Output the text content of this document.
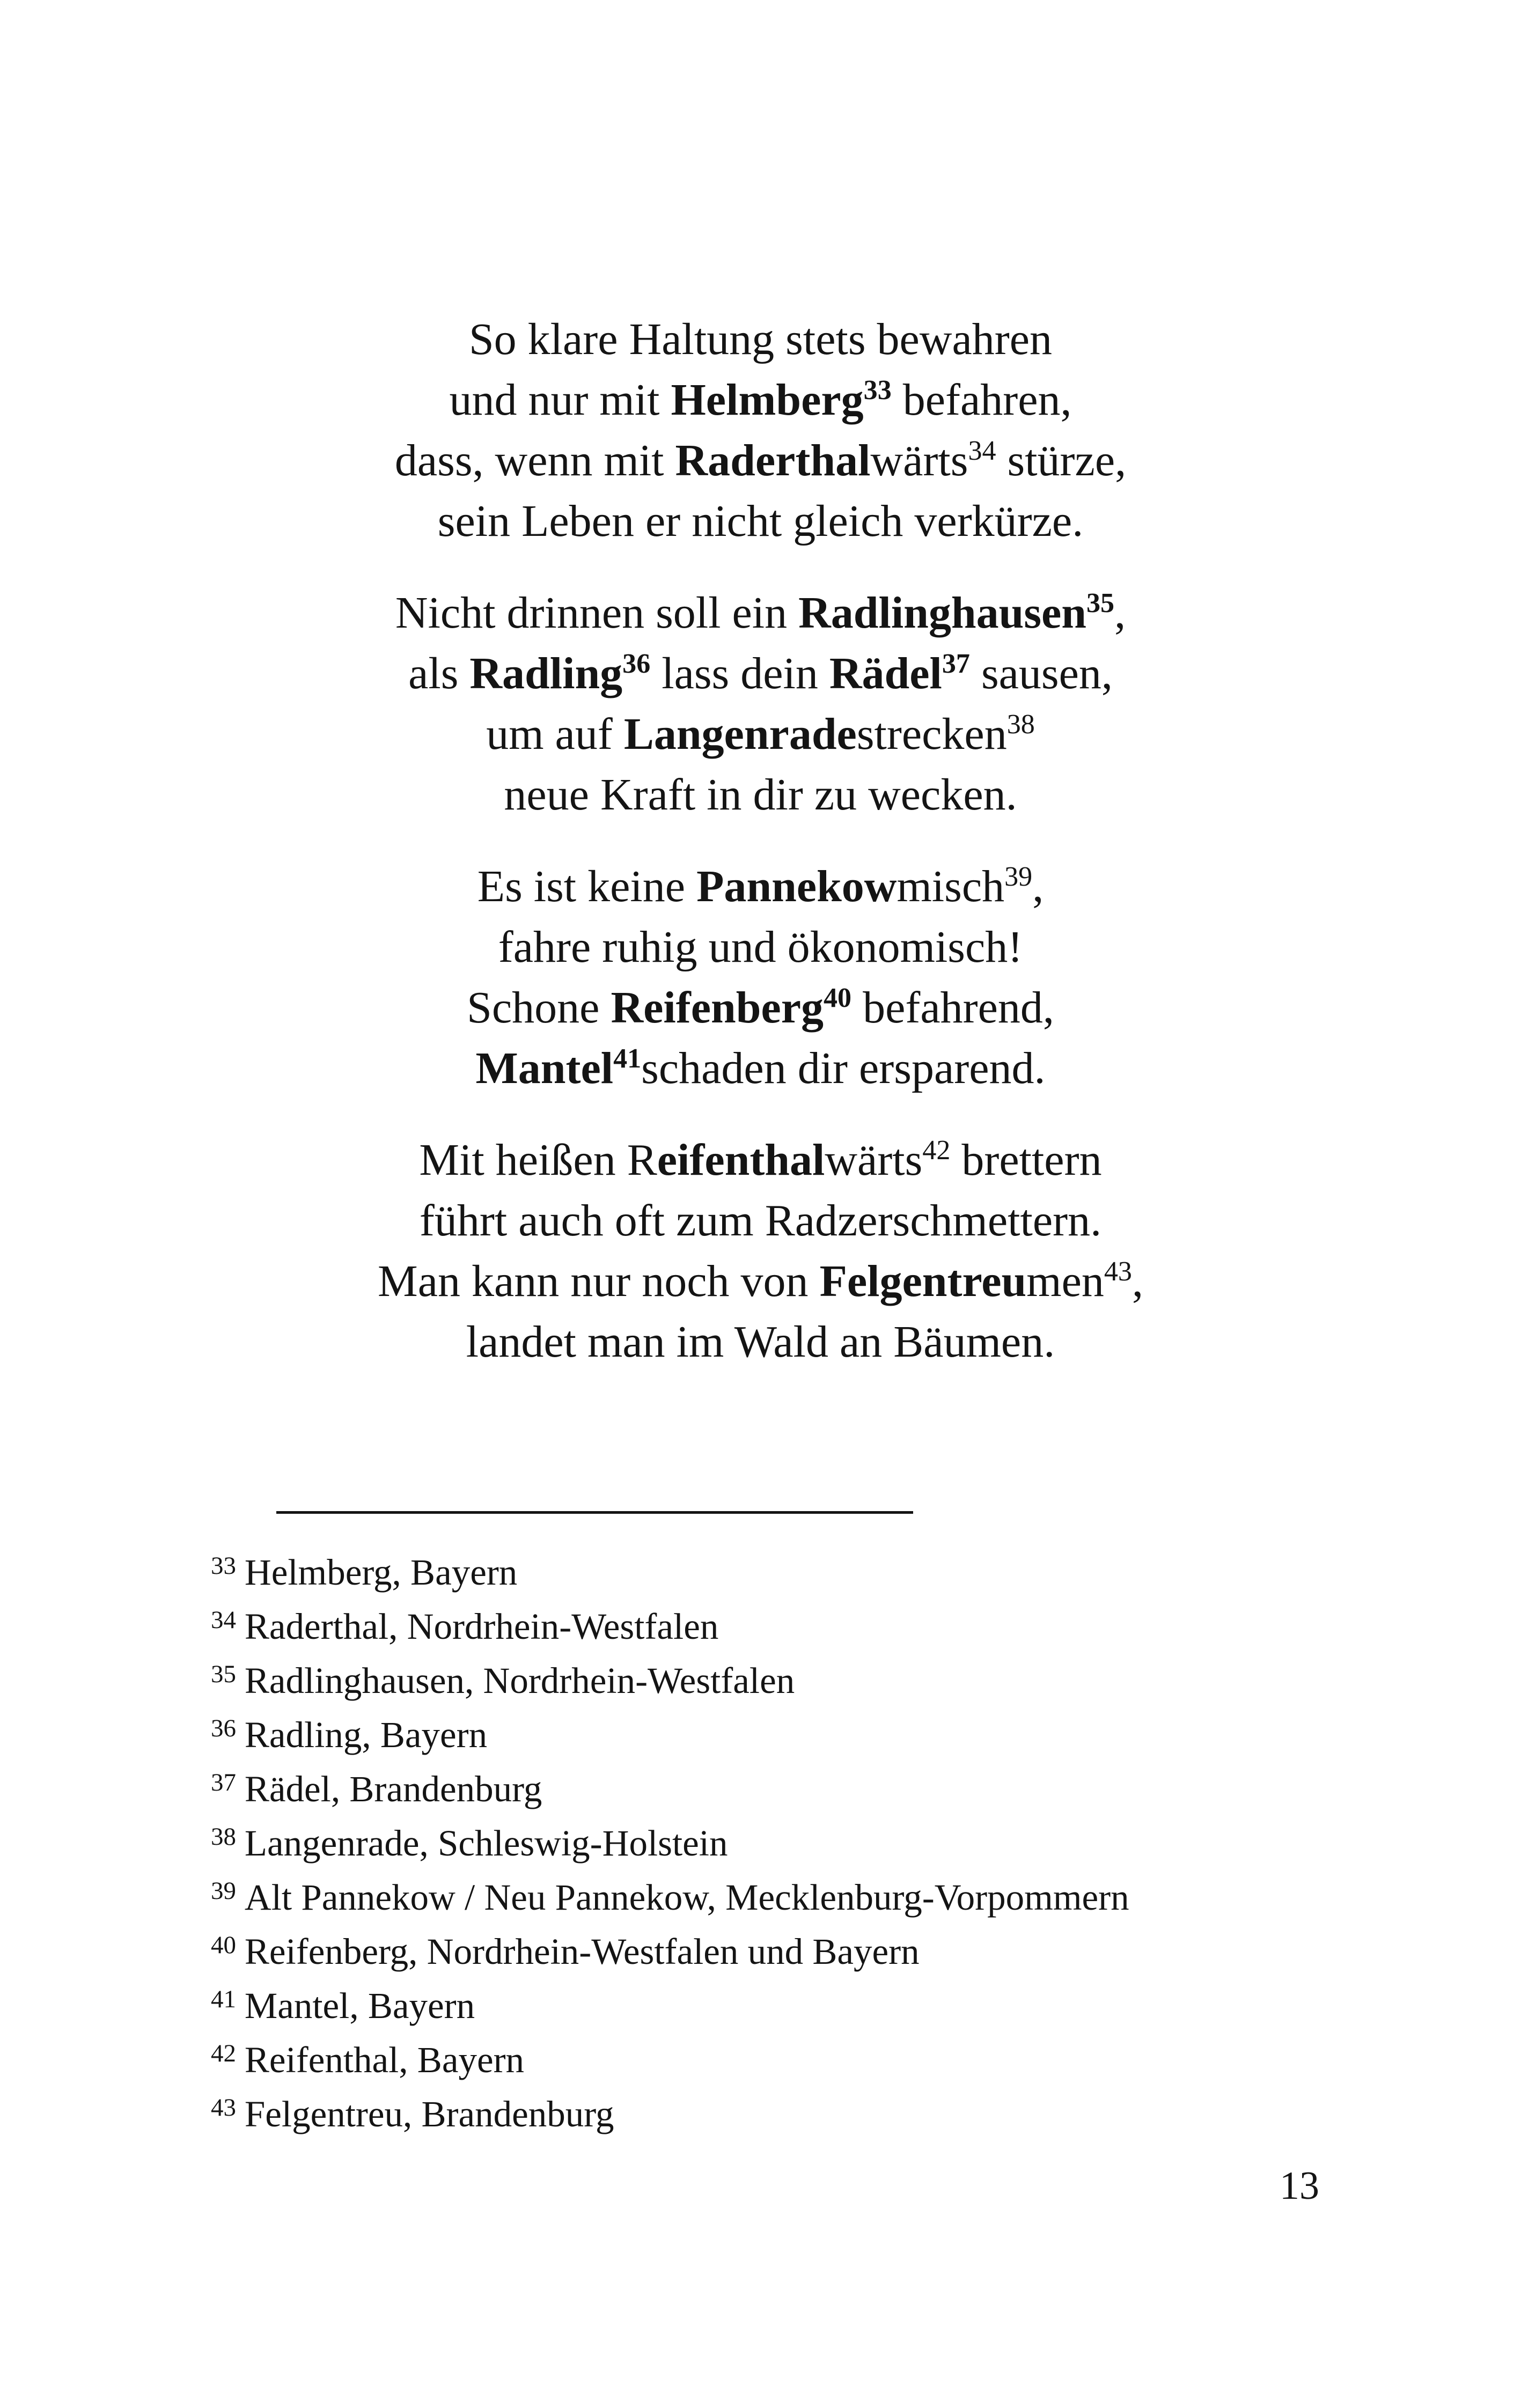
So klare Haltung stets bewahren
und nur mit Helmberg$^{33}$ befahren,
dass, wenn mit Raderthalwärts$^{34}$ stürze,
sein Leben er nicht gleich verkürze.
Nicht drinnen soll ein Radlinghausen$^{35}$,
als Radling$^{36}$ lass dein Rädel$^{37}$ sausen,
um auf Langenradestrecken$^{38}$
neue Kraft in dir zu wecken.
Es ist keine Pannekowmisch$^{39}$,
fahre ruhig und ökonomisch!
Schone Reifenberg$^{40}$ befahrend,
Mantel$^{41}$schaden dir ersparend.
Mit heißen Reifenthalwärts$^{42}$ brettern
führt auch oft zum Radzerschmettern.
Man kann nur noch von Felgentreumen$^{43}$,
landet man im Wald an Bäumen.
$^{33}$ Helmberg, Bayern
$^{34}$ Raderthal, Nordrhein-Westfalen
$^{35}$ Radlinghausen, Nordrhein-Westfalen
$^{36}$ Radling, Bayern
$^{37}$ Rädel, Brandenburg
$^{38}$ Langenrade, Schleswig-Holstein
$^{39}$ Alt Pannekow / Neu Pannekow, Mecklenburg-Vorpommern
$^{40}$ Reifenberg, Nordrhein-Westfalen und Bayern
$^{41}$ Mantel, Bayern
$^{42}$ Reifenthal, Bayern
$^{43}$ Felgentreu, Brandenburg
13
